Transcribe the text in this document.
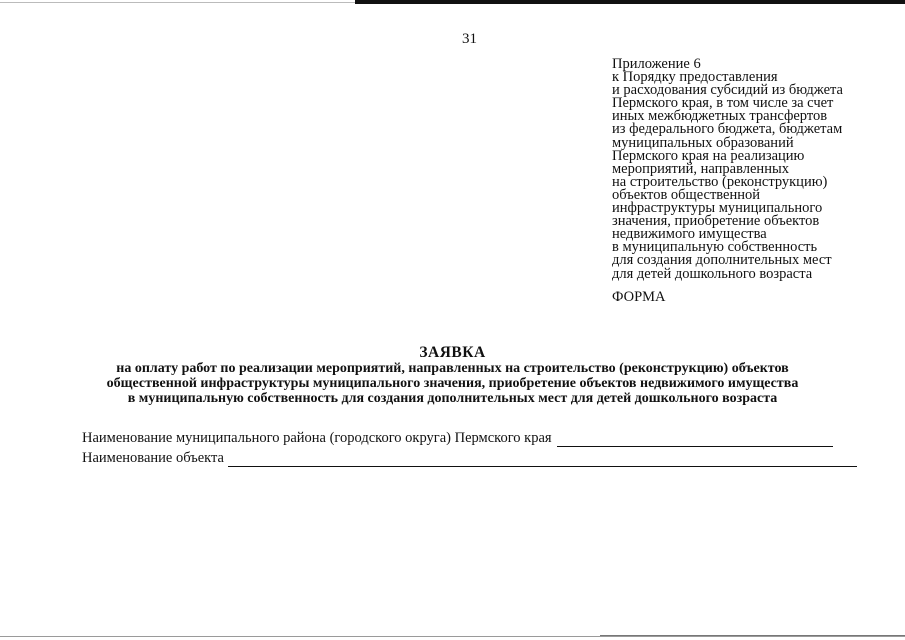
31
Приложение 6
к Порядку предоставления
и расходования субсидий из бюджета
Пермского края, в том числе за счет
иных межбюджетных трансфертов
из федерального бюджета, бюджетам
муниципальных образований
Пермского края на реализацию
мероприятий, направленных
на строительство (реконструкцию)
объектов общественной
инфраструктуры муниципального
значения, приобретение объектов
недвижимого имущества
в муниципальную собственность
для создания дополнительных мест
для детей дошкольного возраста
ФОРМА
ЗАЯВКА
на оплату работ по реализации мероприятий, направленных на строительство (реконструкцию) объектов
общественной инфраструктуры муниципального значения, приобретение объектов недвижимого имущества
в муниципальную собственность для создания дополнительных мест для детей дошкольного возраста
Наименование муниципального района (городского округа) Пермского края
Наименование объекта
